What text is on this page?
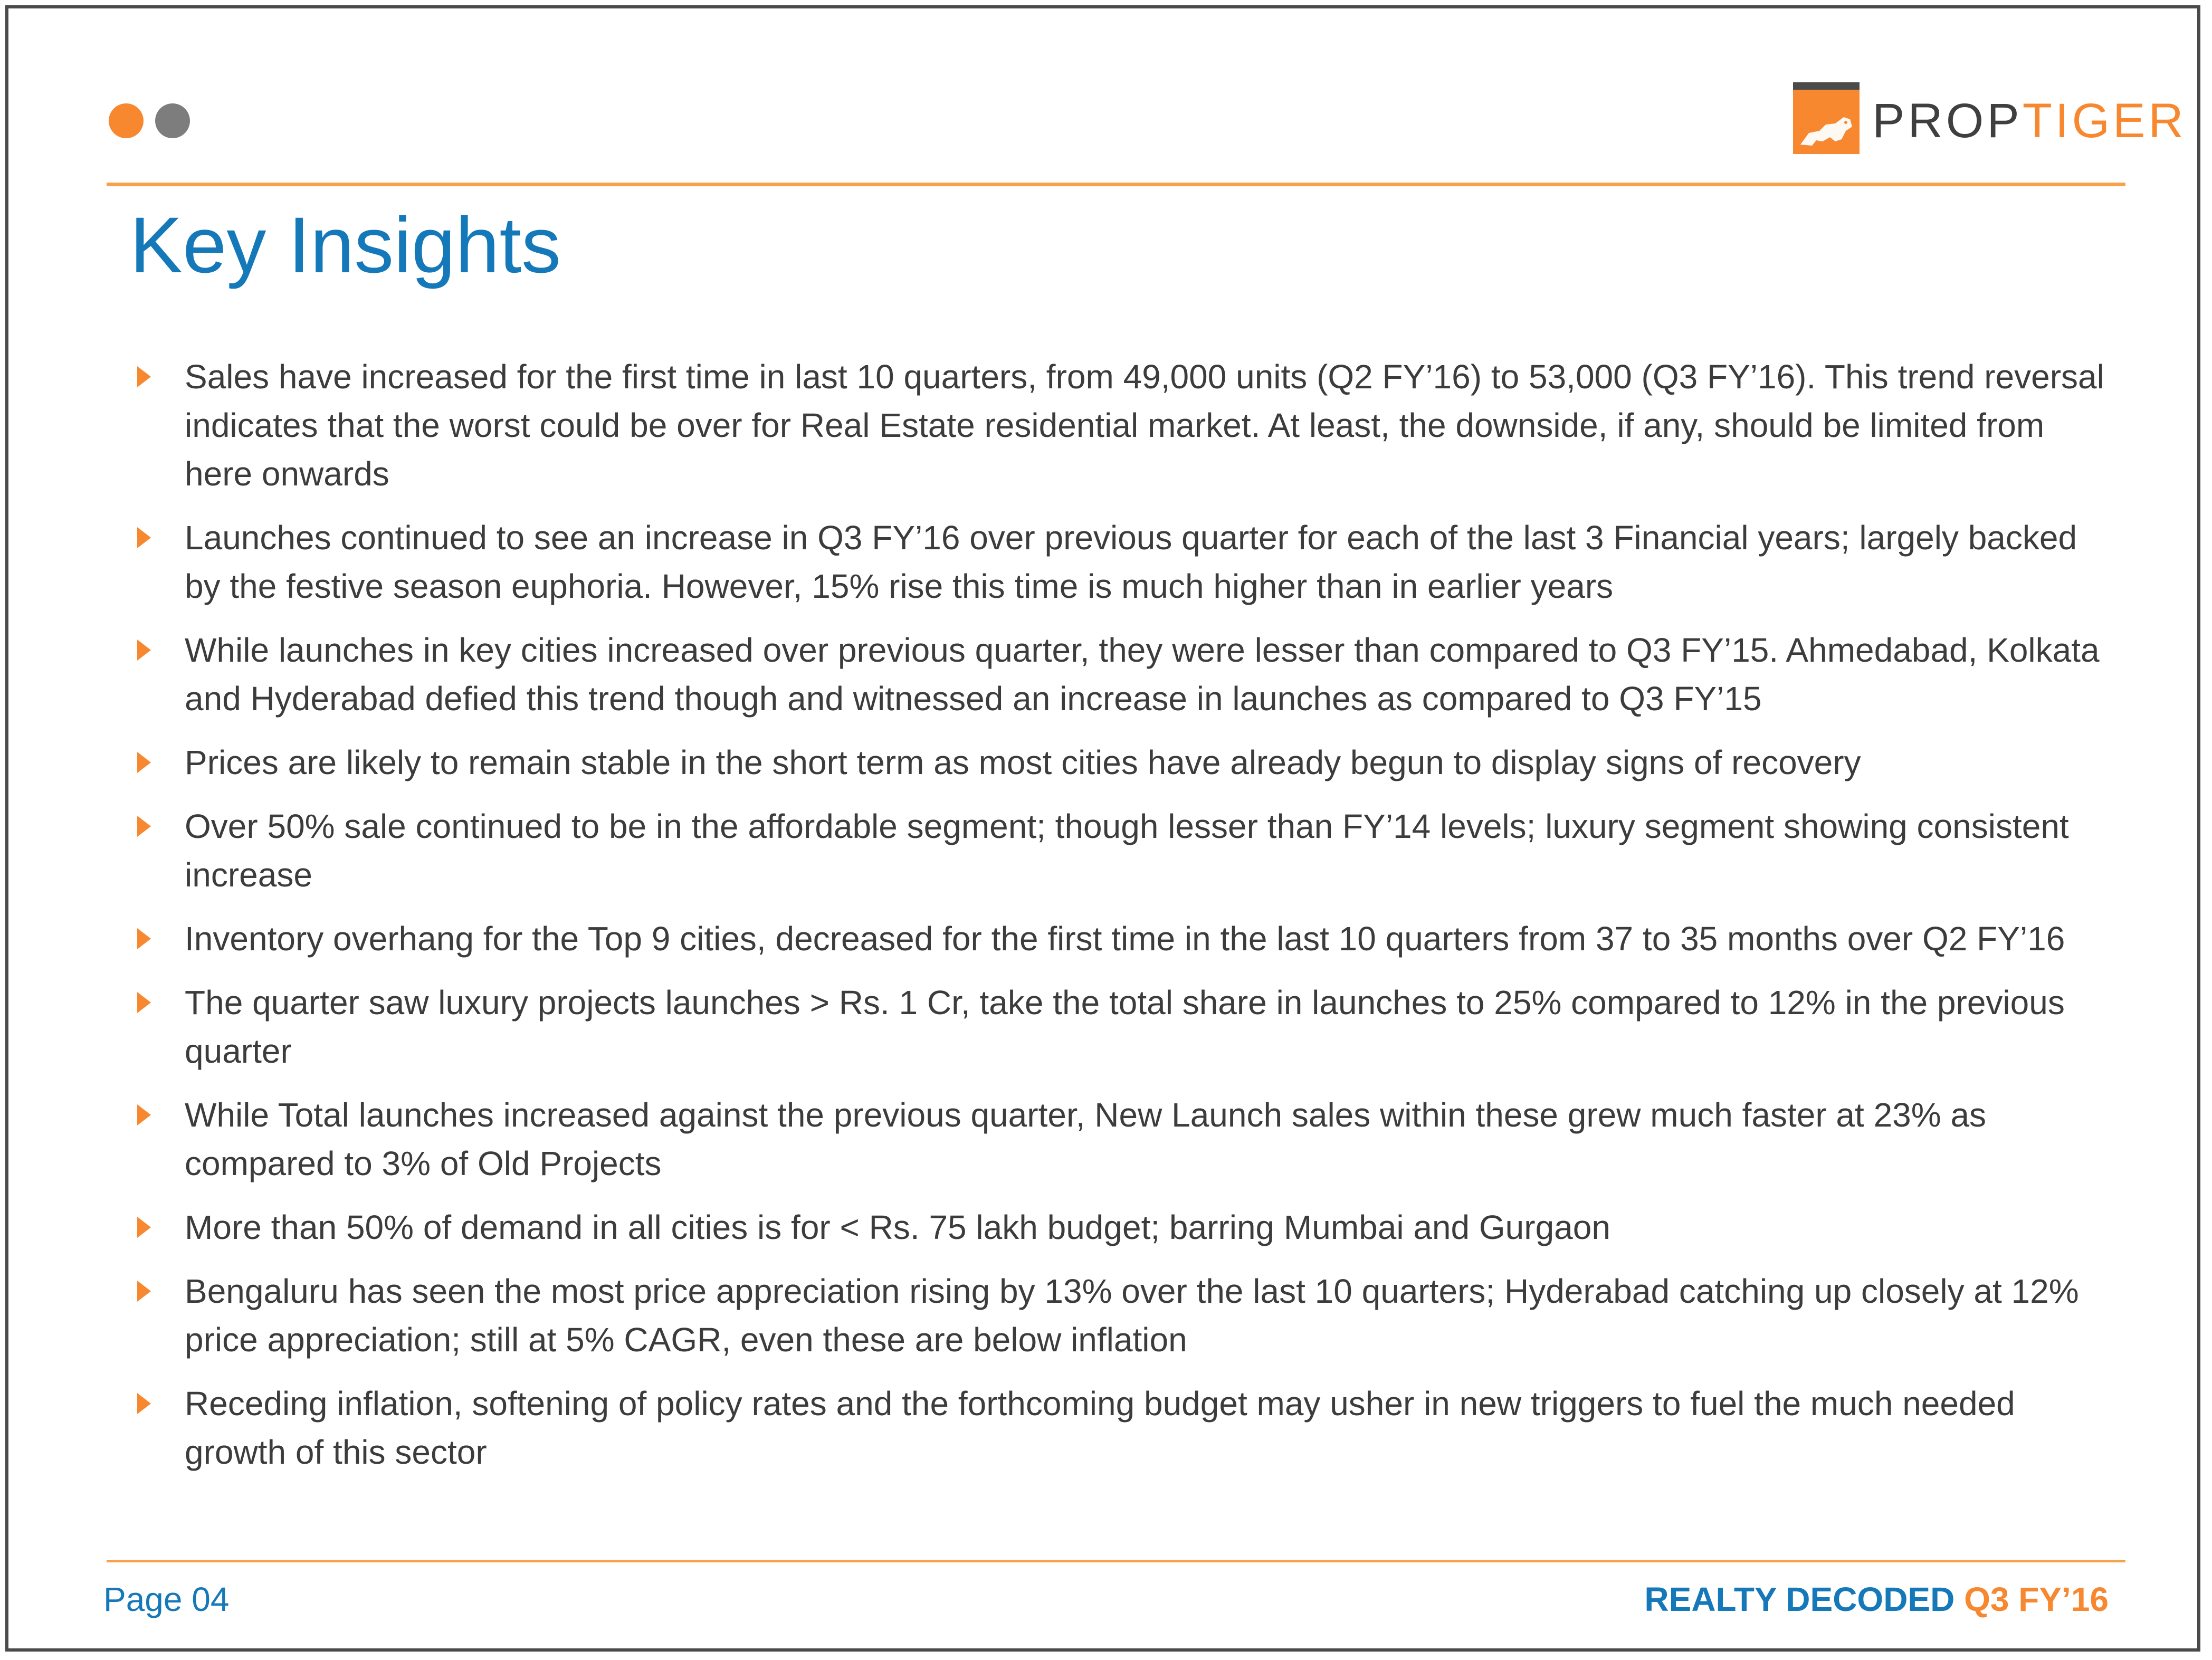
PROPTIGER
Key Insights
Sales have increased for the first time in last 10 quarters, from 49,000 units (Q2 FY’16) to 53,000 (Q3 FY’16). This trend reversal indicates that the worst could be over for Real Estate residential market. At least, the downside, if any, should be limited from here onwards
Launches continued to see an increase in Q3 FY’16 over previous quarter for each of the last 3 Financial years; largely backed by the festive season euphoria. However, 15% rise this time is much higher than in earlier years
While launches in key cities increased over previous quarter, they were lesser than compared to Q3 FY’15. Ahmedabad, Kolkata and Hyderabad defied this trend though and witnessed an increase in launches as compared to Q3 FY’15
Prices are likely to remain stable in the short term as most cities have already begun to display signs of recovery
Over 50% sale continued to be in the affordable segment; though lesser than FY’14 levels; luxury segment showing consistent increase
Inventory overhang for the Top 9 cities, decreased for the first time in the last 10 quarters from 37 to 35 months over Q2 FY’16
The quarter saw luxury projects launches > Rs. 1 Cr, take the total share in launches to 25% compared to 12% in the previous quarter
While Total launches increased against the previous quarter, New Launch sales within these grew much faster at 23% as compared to 3% of Old Projects
More than 50% of demand in all cities is for < Rs. 75 lakh budget; barring Mumbai and Gurgaon
Bengaluru has seen the most price appreciation rising by 13% over the last 10 quarters; Hyderabad catching up closely at 12% price appreciation; still at 5% CAGR, even these are below inflation
Receding inflation, softening of policy rates and the forthcoming budget may usher in new triggers to fuel the much needed growth of this sector
Page 04	REALTY DECODED Q3 FY’16
